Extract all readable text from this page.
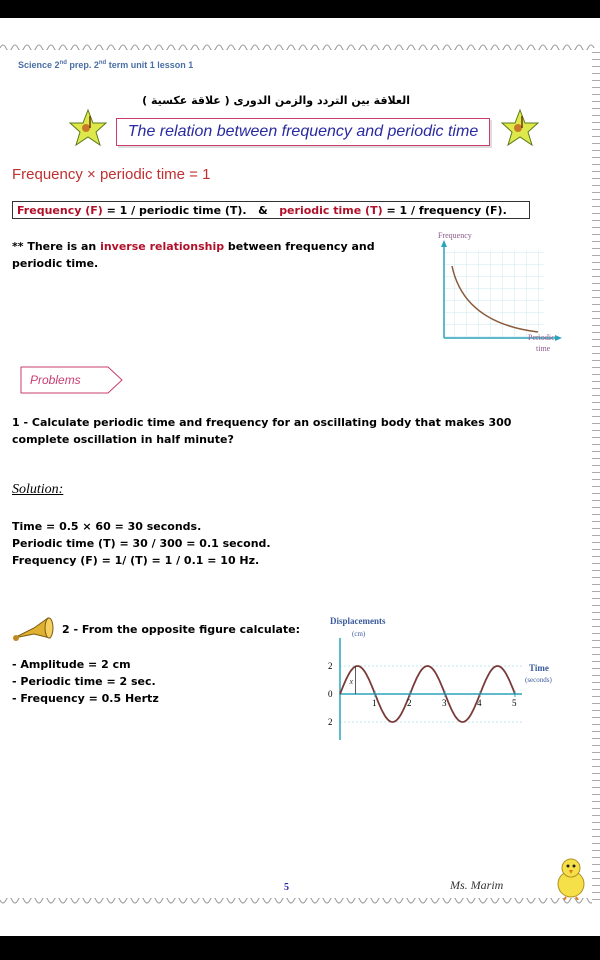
Science 2nd prep. 2nd term unit 1 lesson 1
العلاقة بين التردد والزمن الدورى ( علاقة عكسية )
The relation between frequency and periodic time
Frequency × periodic time = 1
Frequency (F) = 1 / periodic time (T).   &   periodic time (T) = 1 / frequency (F).
** There is an inverse relationship between frequency and periodic time.
Frequency
Periodic
time
Problems
1 - Calculate periodic time and frequency for an oscillating body that makes 300 complete oscillation in half minute?
Solution:
Time = 0.5 × 60 = 30 seconds.
Periodic time (T) = 30 / 300 = 0.1 second.
Frequency (F) = 1/ (T) = 1 / 0.1 = 10 Hz.
2 - From the opposite figure calculate:
- Amplitude = 2 cm
- Periodic time = 2 sec.
- Frequency = 0.5 Hertz
Displacements
(cm)
Time
(seconds)
1	2	3	4	5
2
0
2
x
5	Ms. Marim
